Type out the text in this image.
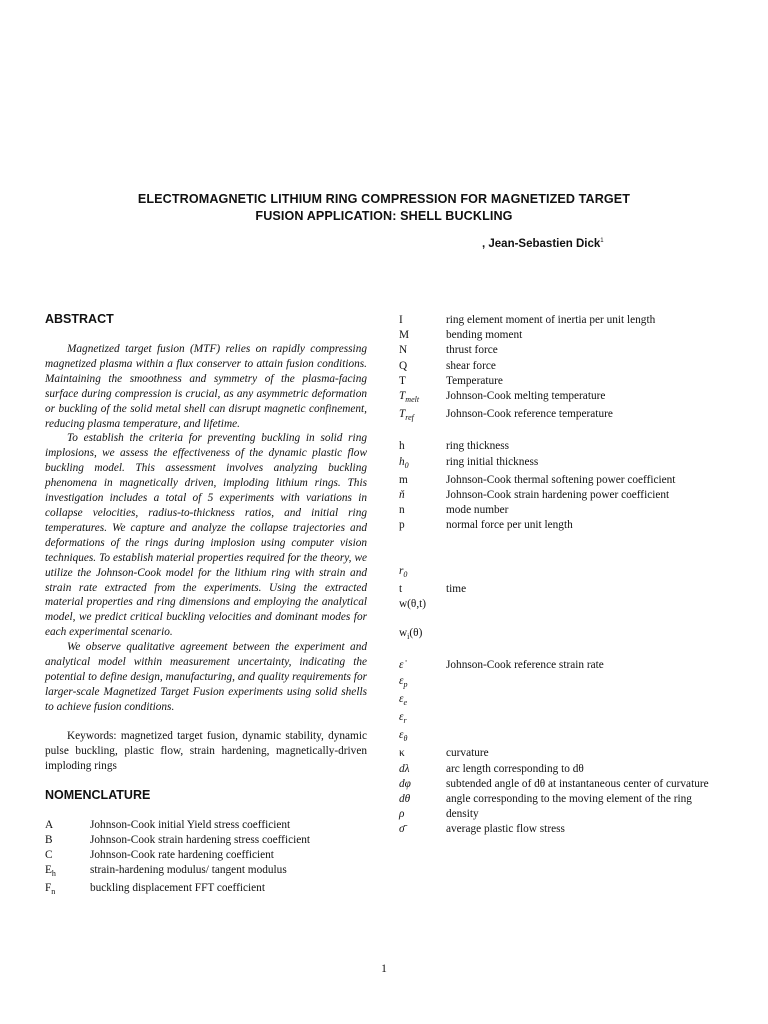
ELECTROMAGNETIC LITHIUM RING COMPRESSION FOR MAGNETIZED TARGET
FUSION APPLICATION: SHELL BUCKLING
, Jean-Sebastien Dick$^1$
ABSTRACT

Magnetized target fusion (MTF) relies on rapidly compressing magnetized plasma within a flux conserver to attain fusion conditions. Maintaining the smoothness and symmetry of the plasma-facing surface during compression is crucial, as any asymmetric deformation or buckling of the solid metal shell can disrupt magnetic confinement, reducing plasma temperature, and lifetime.

To establish the criteria for preventing buckling in solid ring implosions, we assess the effectiveness of the dynamic plastic flow buckling model. This assessment involves analyzing buckling phenomena in magnetically driven, imploding lithium rings. This investigation includes a total of 5 experiments with variations in collapse velocities, radius-to-thickness ratios, and initial ring temperatures. We capture and analyze the collapse trajectories and deformations of the rings during implosion using computer vision techniques. To establish material properties required for the theory, we utilize the Johnson-Cook model for the lithium ring with strain and strain rate extracted from the experiments. Using the extracted material properties and ring dimensions and employing the analytical model, we predict critical buckling velocities and dominant modes for each experimental scenario.

We observe qualitative agreement between the experiment and analytical model within measurement uncertainty, indicating the potential to define design, manufacturing, and quality requirements for larger-scale Magnetized Target Fusion experiments using solid shells to achieve fusion conditions.

Keywords: magnetized target fusion, dynamic stability, dynamic pulse buckling, plastic flow, strain hardening, magnetically-driven imploding rings

NOMENCLATURE
A	Johnson-Cook initial Yield stress coefficient
B	Johnson-Cook strain hardening stress coefficient
C	Johnson-Cook rate hardening coefficient
$E_h$	strain-hardening modulus/ tangent modulus
$F_n$	buckling displacement FFT coefficient
I	ring element moment of inertia per unit length
M	bending moment
N	thrust force
Q	shear force
T	Temperature
$T_{melt}$	Johnson-Cook melting temperature
$T_{ref}$	Johnson-Cook reference temperature
h	ring thickness
$h_0$	ring initial thickness
m	Johnson-Cook thermal softening power coefficient
ň	Johnson-Cook strain hardening power coefficient
n	mode number
p	normal force per unit length
$r_0$
t	time
w(θ,t)
$w_i(\theta)$
ε̇	Johnson-Cook reference strain rate
$\varepsilon_p$
$\varepsilon_e$
$\varepsilon_r$
$\varepsilon_\theta$
κ	curvature
dλ	arc length corresponding to dθ
dφ	subtended angle of dθ at instantaneous center of curvature
dθ	angle corresponding to the moving element of the ring
ρ	density
σ̄	average plastic flow stress
1
